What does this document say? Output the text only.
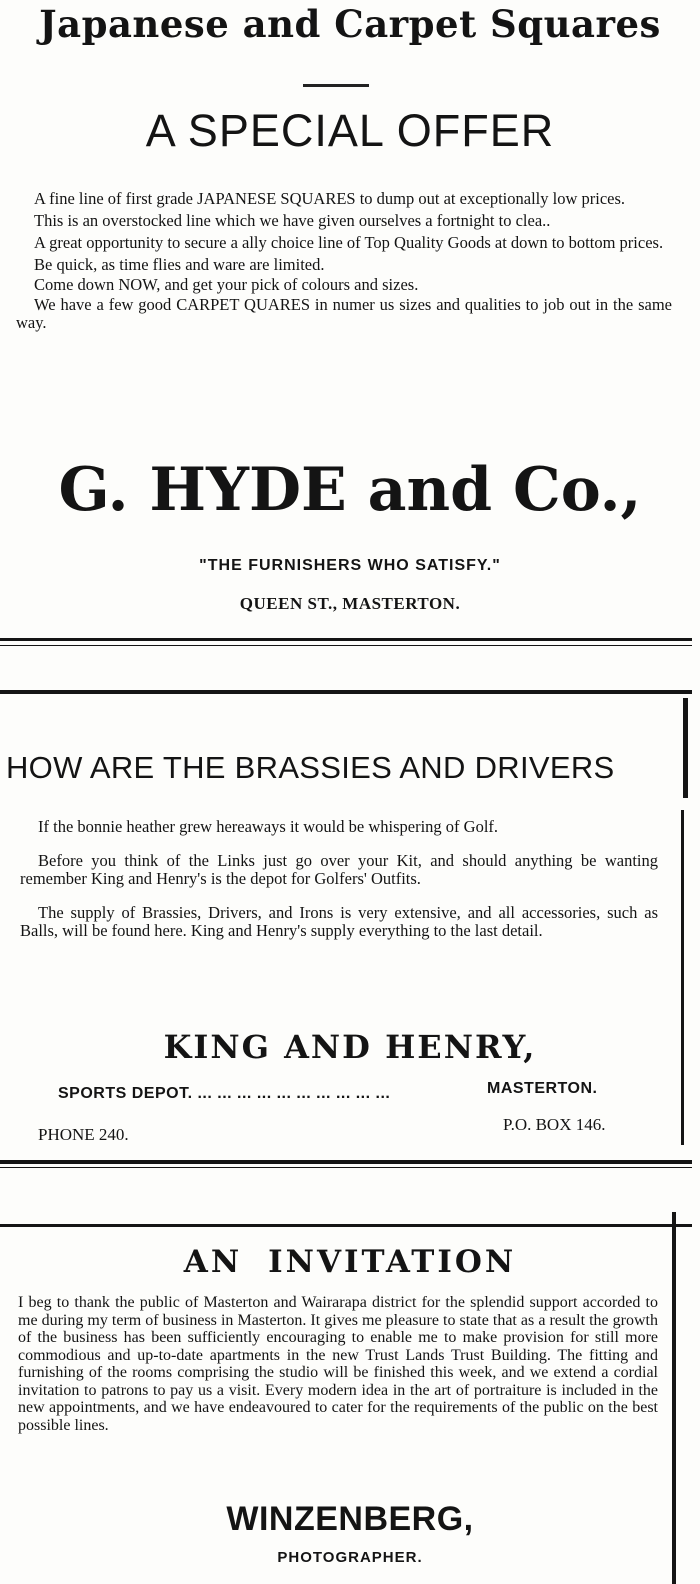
Japanese and Carpet Squares
A SPECIAL OFFER

A fine line of first grade JAPANESE SQUARES to dump out at exceptionally low prices.

This is an overstocked line which we have given ourselves a fortnight to clea..

A great opportunity to secure a ally choice line of Top Quality Goods at down to bottom prices.

Be quick, as time flies and ware are limited.

Come down NOW, and get your pick of colours and sizes.

We have a few good CARPET QUARES in numer us sizes and qualities to job out in the same way.

G. HYDE and Co.,
"THE FURNISHERS WHO SATISFY."
QUEEN ST., MASTERTON.
HOW ARE THE BRASSIES AND DRIVERS

If the bonnie heather grew hereaways it would be whispering of Golf.

Before you think of the Links just go over your Kit, and should anything be wanting remember King and Henry's is the depot for Golfers' Outfits.

The supply of Brassies, Drivers, and Irons is very extensive, and all accessories, such as Balls, will be found here. King and Henry's supply everything to the last detail.

KING AND HENRY,
SPORTS DEPOT. ... ... ... ... ... ... ... ... ... ...	MASTERTON.
PHONE 240.
P.O. BOX 146.
AN INVITATION

I beg to thank the public of Masterton and Wairarapa district for the splendid support accorded to me during my term of business in Masterton. It gives me pleasure to state that as a result the growth of the business has been sufficiently encouraging to enable me to make provision for still more commodious and up-to-date apartments in the new Trust Lands Trust Building. The fitting and furnishing of the rooms comprising the studio will be finished this week, and we extend a cordial invitation to patrons to pay us a visit. Every modern idea in the art of portraiture is included in the new appointments, and we have endeavoured to cater for the requirements of the public on the best possible lines.

WINZENBERG,
PHOTOGRAPHER.
